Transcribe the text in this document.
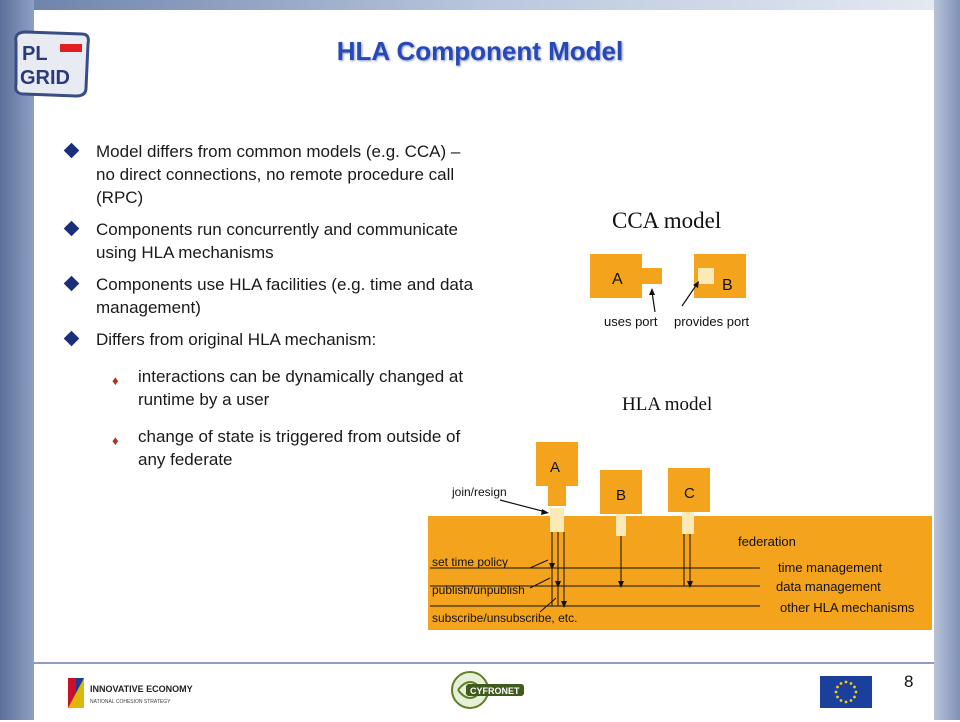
PL
GRID
HLA Component Model
Model differs from common models (e.g. CCA) – no direct connections, no remote procedure call (RPC)
Components run concurrently and communicate using HLA mechanisms
Components use HLA facilities (e.g. time and data management)
Differs from original HLA mechanism:
♦ interactions can be dynamically changed at runtime by a user
♦ change of state is triggered from outside of any federate
CCA model
HLA model
A	B
uses port provides port
A
B	C
join/resign
federation
set time policy
publish/unpublish
subscribe/unsubscribe, etc.
time management
data management
other HLA mechanisms
INNOVATIVE ECONOMY
NATIONAL COHESION STRATEGY
CYFRONET	8
